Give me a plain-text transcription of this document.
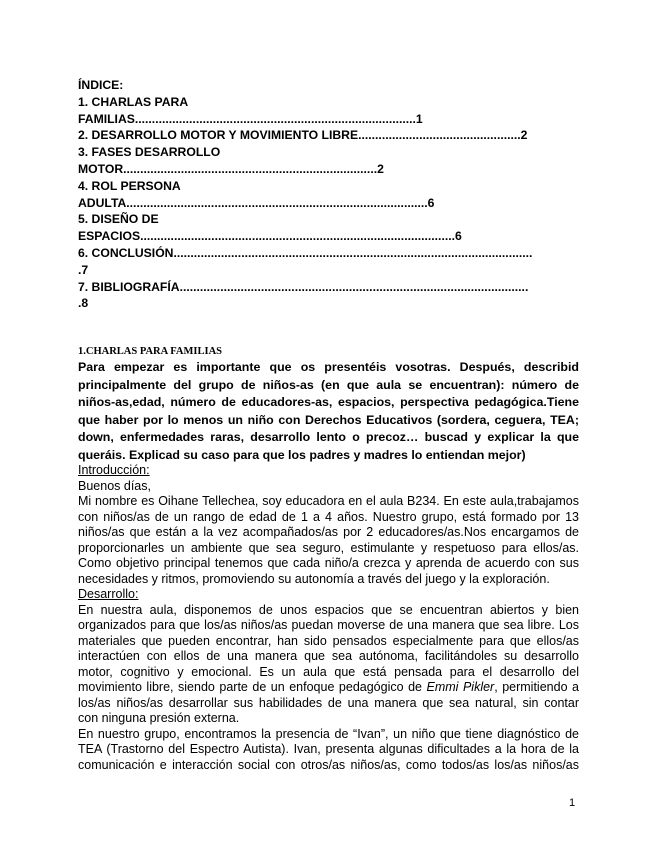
ÍNDICE:
1. CHARLAS PARA
FAMILIAS...................................................................................1
2. DESARROLLO MOTOR Y MOVIMIENTO LIBRE................................................2
3. FASES DESARROLLO
MOTOR...........................................................................2
4. ROL PERSONA
ADULTA.........................................................................................6
5. DISEÑO DE
ESPACIOS.............................................................................................6
6. CONCLUSIÓN..........................................................................................................
.7
7. BIBLIOGRAFÍA.......................................................................................................
.8
1.CHARLAS PARA FAMILIAS
Para empezar es importante que os presentéis vosotras. Después, describid
principalmente del grupo de niños-as (en que aula se encuentran): número de
niños-as,edad, número de educadores-as, espacios, perspectiva pedagógica.Tiene
que haber por lo menos un niño con Derechos Educativos (sordera, ceguera, TEA;
down, enfermedades raras, desarrollo lento o precoz… buscad y explicar la que
queráis. Explicad su caso para que los padres y madres lo entiendan mejor)
Introducción:
Buenos días,
Mi nombre es Oihane Tellechea, soy educadora en el aula B234. En este aula,trabajamos
con niños/as de un rango de edad de 1 a 4 años. Nuestro grupo, está formado por 13
niños/as que están a la vez acompañados/as por 2 educadores/as.Nos encargamos de
proporcionarles un ambiente que sea seguro, estimulante y respetuoso para ellos/as.
Como objetivo principal tenemos que cada niño/a crezca y aprenda de acuerdo con sus
necesidades y ritmos, promoviendo su autonomía a través del juego y la exploración.
Desarrollo:
En nuestra aula, disponemos de unos espacios que se encuentran abiertos y bien
organizados para que los/as niños/as puedan moverse de una manera que sea libre. Los
materiales que pueden encontrar, han sido pensados especialmente para que ellos/as
interactúen con ellos de una manera que sea autónoma, facilitándoles su desarrollo
motor, cognitivo y emocional. Es un aula que está pensada para el desarrollo del
movimiento libre, siendo parte de un enfoque pedagógico de Emmi Pikler, permitiendo a
los/as niños/as desarrollar sus habilidades de una manera que sea natural, sin contar
con ninguna presión externa.
En nuestro grupo, encontramos la presencia de “Ivan”, un niño que tiene diagnóstico de
TEA (Trastorno del Espectro Autista). Ivan, presenta algunas dificultades a la hora de la
comunicación e interacción social con otros/as niños/as, como todos/as los/as niños/as
1
